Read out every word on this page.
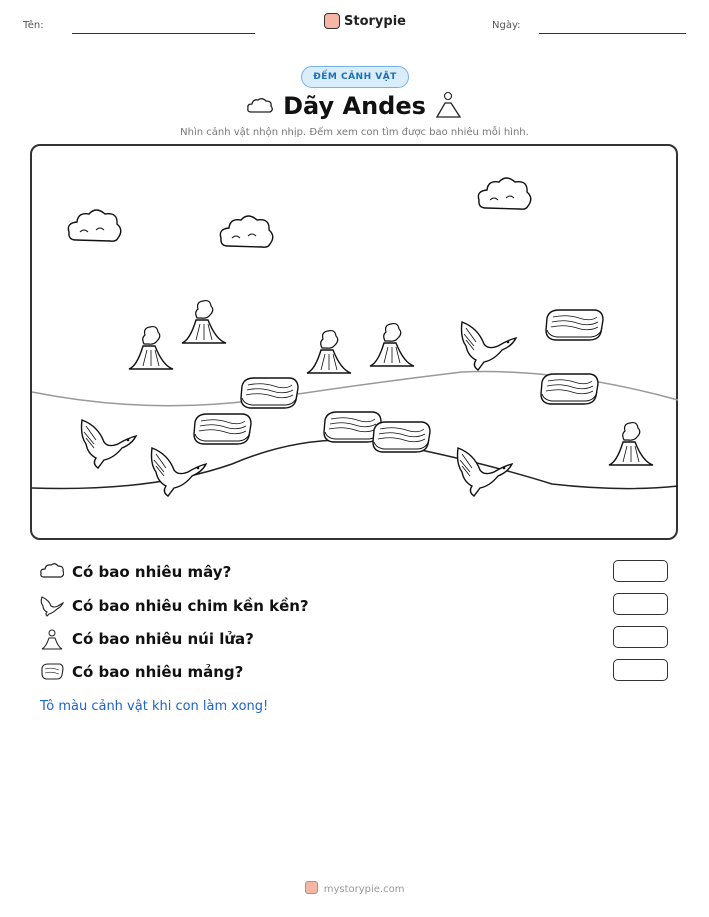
Tên:	Storypie	Ngày:
ĐẾM CẢNH VẬT
Dãy Andes
Nhìn cảnh vật nhộn nhịp. Đếm xem con tìm được bao nhiêu mỗi hình.
Có bao nhiêu mây?
Có bao nhiêu chim kền kền?
Có bao nhiêu núi lửa?
Có bao nhiêu mảng?
Tô màu cảnh vật khi con làm xong!
mystorypie.com
